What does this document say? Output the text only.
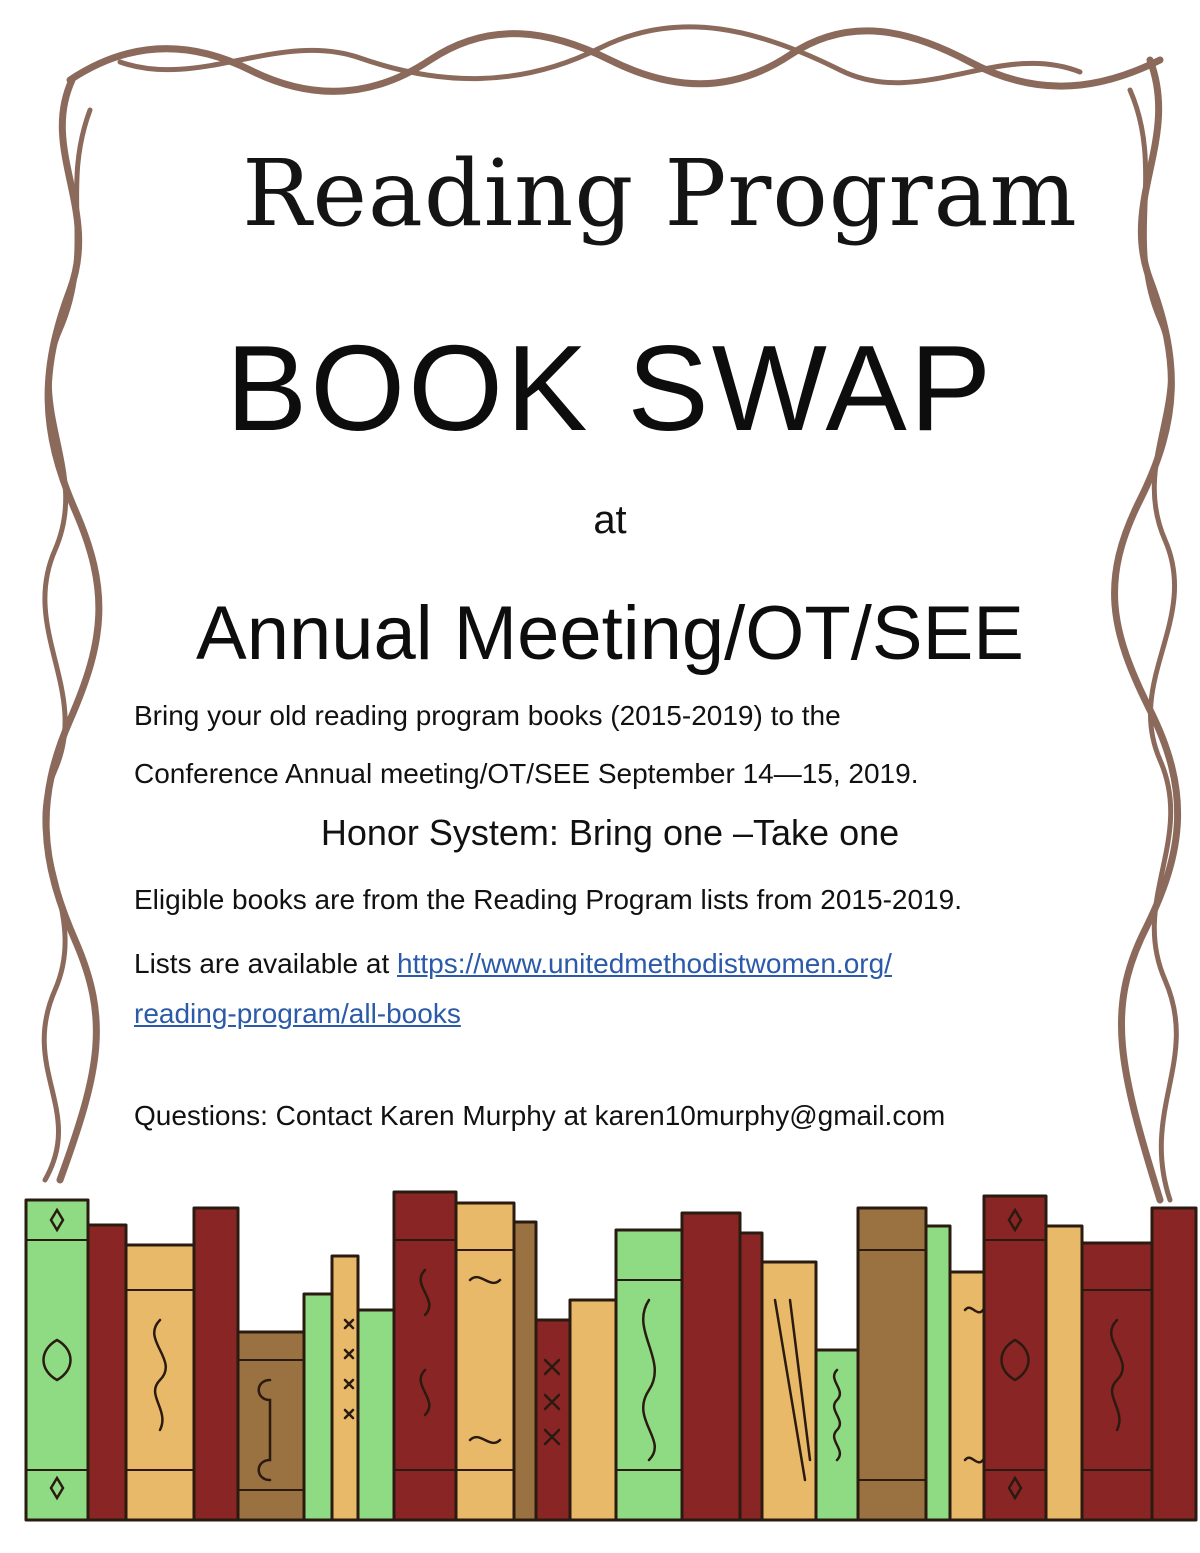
Reading Program
BOOK SWAP
at
Annual Meeting/OT/SEE
Bring your old reading program books (2015-2019) to the
Conference Annual meeting/OT/SEE September 14—15, 2019.
Honor System: Bring one –Take one
Eligible books are from the Reading Program lists from 2015-2019.
Lists are available at https://www.unitedmethodistwomen.org/
reading-program/all-books
Questions: Contact Karen Murphy at karen10murphy@gmail.com
